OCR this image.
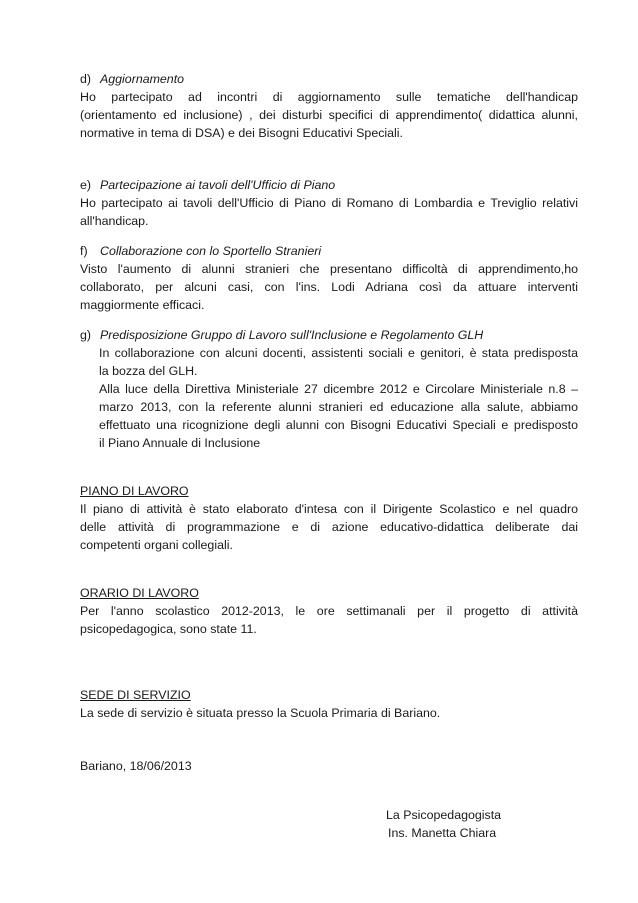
d) Aggiornamento
Ho partecipato ad incontri di aggiornamento sulle tematiche dell'handicap
(orientamento ed inclusione) , dei disturbi specifici di apprendimento( didattica alunni,
normative in tema di DSA) e dei Bisogni Educativi Speciali.
e) Partecipazione ai tavoli dell'Ufficio di Piano
Ho partecipato ai tavoli dell'Ufficio di Piano di Romano di Lombardia e Treviglio relativi
all'handicap.
f) Collaborazione con lo Sportello Stranieri
Visto l'aumento di alunni stranieri che presentano difficoltà di apprendimento,ho
collaborato, per alcuni casi, con l'ins. Lodi Adriana così da attuare interventi
maggiormente efficaci.
g) Predisposizione Gruppo di Lavoro sull'Inclusione e Regolamento GLH
In collaborazione con alcuni docenti, assistenti sociali e genitori, è stata predisposta
la bozza del GLH.
Alla luce della Direttiva Ministeriale 27 dicembre 2012 e Circolare Ministeriale n.8 –
marzo 2013, con la referente alunni stranieri ed educazione alla salute, abbiamo
effettuato una ricognizione degli alunni con Bisogni Educativi Speciali e predisposto
il Piano Annuale di Inclusione
PIANO DI LAVORO
Il piano di attività è stato elaborato d'intesa con il Dirigente Scolastico e nel quadro
delle attività di programmazione e di azione educativo-didattica deliberate dai
competenti organi collegiali.
ORARIO DI LAVORO
Per l'anno scolastico 2012-2013, le ore settimanali per il progetto di attività
psicopedagogica, sono state 11.
SEDE DI SERVIZIO
La sede di servizio è situata presso la Scuola Primaria di Bariano.
Bariano, 18/06/2013
La Psicopedagogista
Ins. Manetta Chiara
